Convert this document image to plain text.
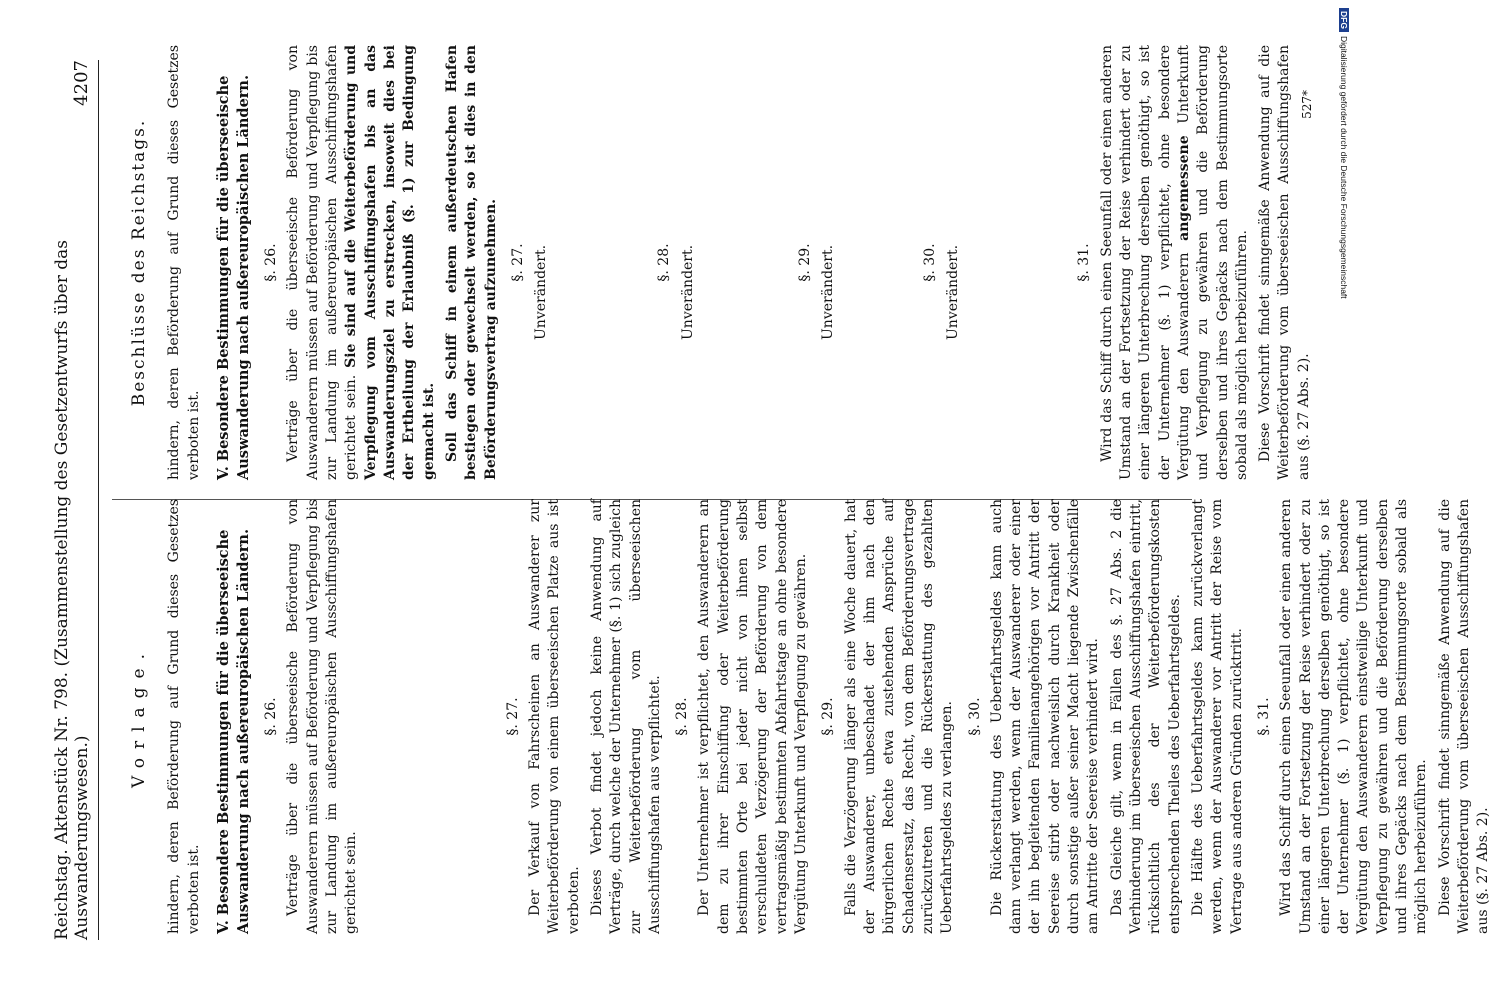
Reichstag. Aktenstück Nr. 798. (Zusammenstellung des Gesetzentwurfs über das Auswanderungswesen.)
4207
Vorlage. hindern, deren Beförderung auf Grund dieses Gesetzes verboten ist. V. Besondere Bestimmungen für die überseeische Auswanderung nach außereuropäischen Ländern. §. 26. Verträge über die überseeische Beförderung von Auswanderern müssen auf Beförderung und Verpflegung bis zur Landung im außereuropäischen Ausschiffungshafen gerichtet sein.

§. 27. Der Verkauf von Fahrscheinen an Auswanderer zur Weiterbeförderung von einem überseeischen Platze aus ist verboten. Dieses Verbot findet jedoch keine Anwendung auf Verträge, durch welche der Unternehmer (§. 1) sich zugleich zur Weiterbeförderung vom überseeischen Ausschiffungshafen aus verpflichtet. §. 28. Der Unternehmer ist verpflichtet, den Auswanderern an dem zu ihrer Einschiffung oder Weiterbeförderung bestimmten Orte bei jeder nicht von ihnen selbst verschuldeten Verzögerung der Beförderung von dem vertragsmäßig bestimmten Abfahrtstage an ohne besondere Vergütung Unterkunft und Verpflegung zu gewähren. §. 29. Falls die Verzögerung länger als eine Woche dauert, hat der Auswanderer, unbeschadet der ihm nach den bürgerlichen Rechte etwa zustehenden Ansprüche auf Schadensersatz, das Recht, von dem Beförderungsvertrage zurückzutreten und die Rückerstattung des gezahlten Ueberfahrtsgeldes zu verlangen. §. 30. Die Rückerstattung des Ueberfahrtsgeldes kann auch dann verlangt werden, wenn der Auswanderer oder einer der ihn begleitenden Familienangehörigen vor Antritt der Seereise stirbt oder nachweislich durch Krankheit oder durch sonstige außer seiner Macht liegende Zwischenfälle am Antritte der Seereise verhindert wird. Das Gleiche gilt, wenn in Fällen des §. 27 Abs. 2 die Verhinderung im überseeischen Ausschiffungshafen eintritt, rücksichtlich des der Weiterbeförderungskosten entsprechenden Theiles des Ueberfahrtsgeldes. Die Hälfte des Ueberfahrtsgeldes kann zurückverlangt werden, wenn der Auswanderer vor Antritt der Reise vom Vertrage aus anderen Gründen zurücktritt. §. 31. Wird das Schiff durch einen Seeunfall oder einen anderen Umstand an der Fortsetzung der Reise verhindert oder zu einer längeren Unterbrechung derselben genöthigt, so ist der Unternehmer (§. 1) verpflichtet, ohne besondere Vergütung den Auswanderern einstweilige Unterkunft und Verpflegung zu gewähren und die Beförderung derselben und ihres Gepäcks nach dem Bestimmungsorte sobald als möglich herbeizuführen. Diese Vorschrift findet sinngemäße Anwendung auf die Weiterbeförderung vom überseeischen Ausschiffungshafen aus (§. 27 Abs. 2).

Beschlüsse des Reichstags. hindern, deren Beförderung auf Grund dieses Gesetzes verboten ist. V. Besondere Bestimmungen für die überseeische Auswanderung nach außereuropäischen Ländern. §. 26. Verträge über die überseeische Beförderung von Auswanderern müssen auf Beförderung und Verpflegung bis zur Landung im außereuropäischen Ausschiffungshafen gerichtet sein. Sie sind auf die Weiterbeförderung und Verpflegung vom Ausschiffungshafen bis an das Auswanderungsziel zu erstrecken, insoweit dies bei der Ertheilung der Erlaubniß (§. 1) zur Bedingung gemacht ist. Soll das Schiff in einem außerdeutschen Hafen bestiegen oder gewechselt werden, so ist dies in den Beförderungsvertrag aufzunehmen. §. 27. Unverändert.	§. 28. Unverändert.	§. 29. Unverändert.	§. 30. Unverändert.	§. 31. Wird das Schiff durch einen Seeunfall oder einen anderen Umstand an der Fortsetzung der Reise verhindert oder zu einer längeren Unterbrechung derselben genöthigt, so ist der Unternehmer (§. 1) verpflichtet, ohne besondere Vergütung den Auswanderern angemessene Unterkunft und Verpflegung zu gewähren und die Beförderung derselben und ihres Gepäcks nach dem Bestimmungsorte sobald als möglich herbeizuführen. Diese Vorschrift findet sinngemäße Anwendung auf die Weiterbeförderung vom überseeischen Ausschiffungshafen aus (§. 27 Abs. 2).

527*
DFGDigitalisierung gefördert durch die Deutsche Forschungsgemeinschaft
